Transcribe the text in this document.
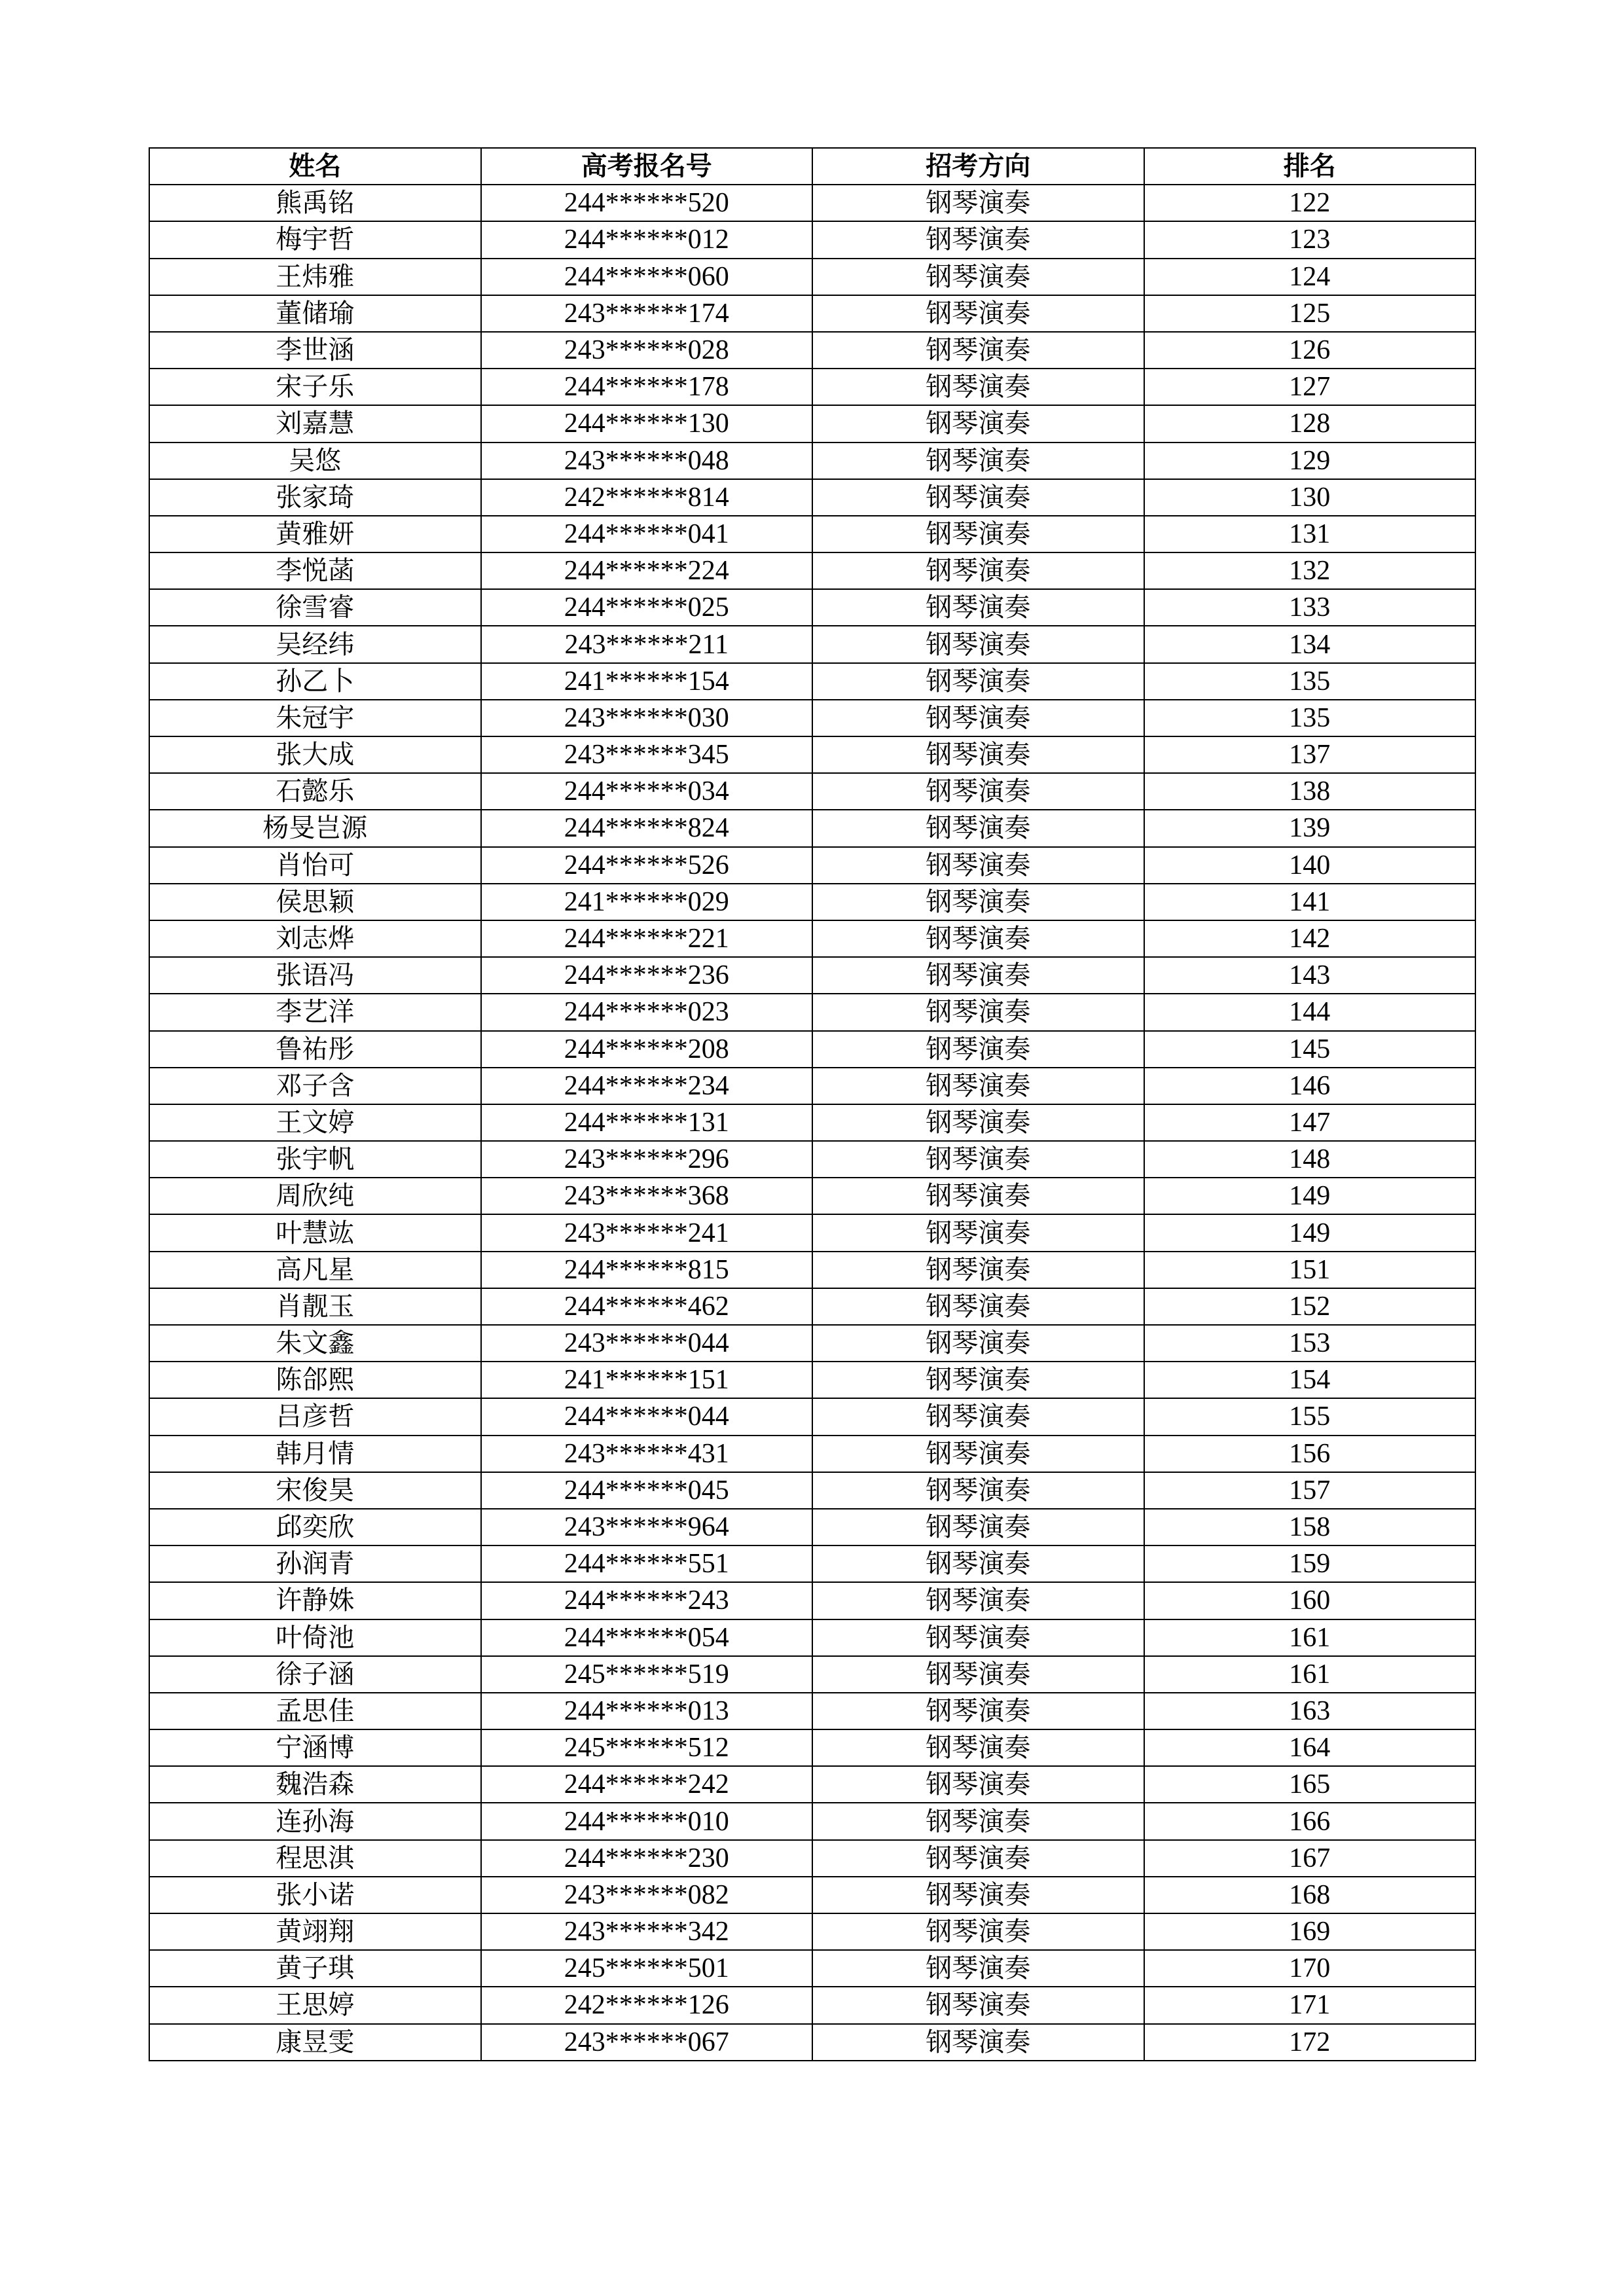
姓名	高考报名号	招考方向	排名
熊禹铭	244******520	钢琴演奏	122
梅宇哲	244******012	钢琴演奏	123
王炜雅	244******060	钢琴演奏	124
董储瑜	243******174	钢琴演奏	125
李世涵	243******028	钢琴演奏	126
宋子乐	244******178	钢琴演奏	127
刘嘉慧	244******130	钢琴演奏	128
吴悠	243******048	钢琴演奏	129
张家琦	242******814	钢琴演奏	130
黄雅妍	244******041	钢琴演奏	131
李悦菡	244******224	钢琴演奏	132
徐雪睿	244******025	钢琴演奏	133
吴经纬	243******211	钢琴演奏	134
孙乙卜	241******154	钢琴演奏	135
朱冠宇	243******030	钢琴演奏	135
张大成	243******345	钢琴演奏	137
石懿乐	244******034	钢琴演奏	138
杨旻岂源	244******824	钢琴演奏	139
肖怡可	244******526	钢琴演奏	140
侯思颖	241******029	钢琴演奏	141
刘志烨	244******221	钢琴演奏	142
张语冯	244******236	钢琴演奏	143
李艺洋	244******023	钢琴演奏	144
鲁祐彤	244******208	钢琴演奏	145
邓子含	244******234	钢琴演奏	146
王文婷	244******131	钢琴演奏	147
张宇帆	243******296	钢琴演奏	148
周欣纯	243******368	钢琴演奏	149
叶慧竑	243******241	钢琴演奏	149
高凡星	244******815	钢琴演奏	151
肖靓玉	244******462	钢琴演奏	152
朱文鑫	243******044	钢琴演奏	153
陈郃熙	241******151	钢琴演奏	154
吕彦哲	244******044	钢琴演奏	155
韩月情	243******431	钢琴演奏	156
宋俊昊	244******045	钢琴演奏	157
邱奕欣	243******964	钢琴演奏	158
孙润青	244******551	钢琴演奏	159
许静姝	244******243	钢琴演奏	160
叶倚池	244******054	钢琴演奏	161
徐子涵	245******519	钢琴演奏	161
孟思佳	244******013	钢琴演奏	163
宁涵博	245******512	钢琴演奏	164
魏浩森	244******242	钢琴演奏	165
连孙海	244******010	钢琴演奏	166
程思淇	244******230	钢琴演奏	167
张小诺	243******082	钢琴演奏	168
黄翊翔	243******342	钢琴演奏	169
黄子琪	245******501	钢琴演奏	170
王思婷	242******126	钢琴演奏	171
康昱雯	243******067	钢琴演奏	172
